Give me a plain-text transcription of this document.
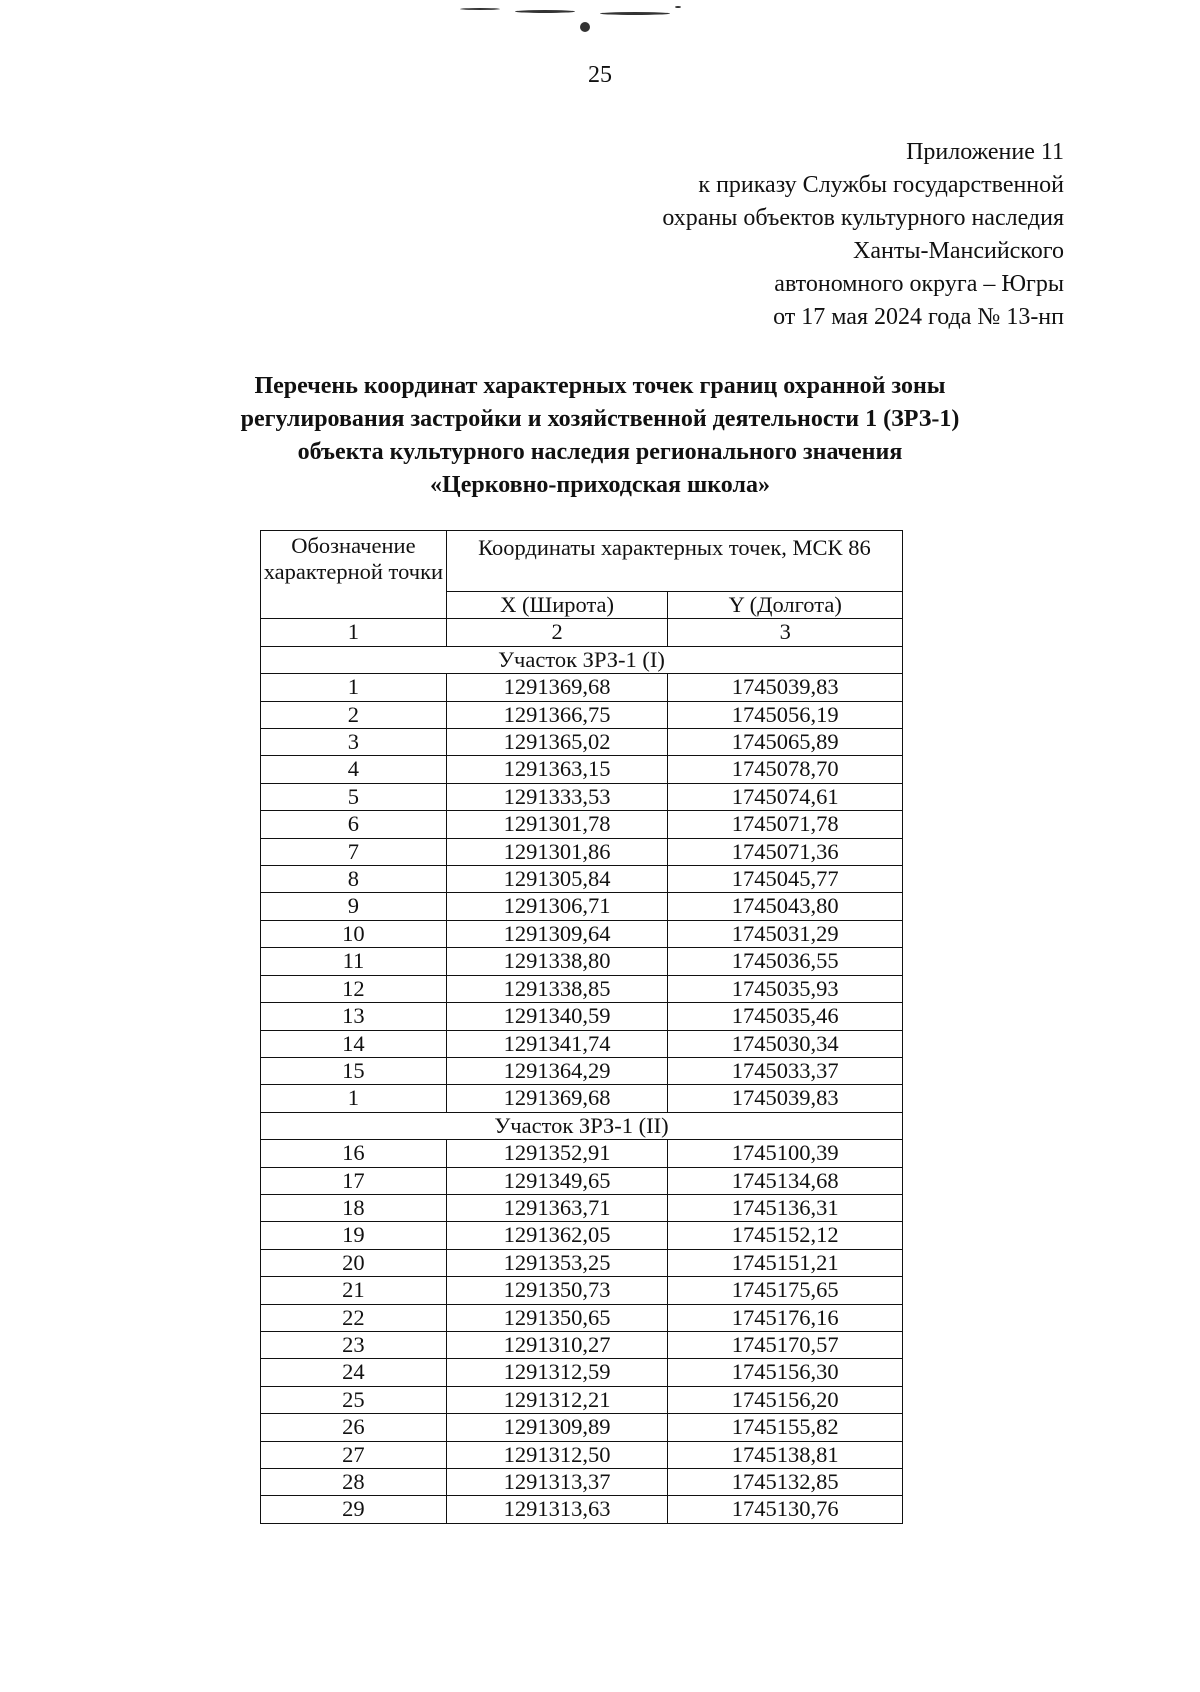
25
Приложение 11
к приказу Службы государственной
охраны объектов культурного наследия
Ханты-Мансийского
автономного округа – Югры
от 17 мая 2024 года № 13-нп
Перечень координат характерных точек границ охранной зоны
регулирования застройки и хозяйственной деятельности 1 (ЗРЗ-1)
объекта культурного наследия регионального значения
«Церковно-приходская школа»
Обозначение характерной точки	Координаты характерных точек, МСК 86	
	X (Широта)	Y (Долгота)
1	2	3
Участок ЗРЗ-1 (I)		
1	1291369,68	1745039,83
2	1291366,75	1745056,19
3	1291365,02	1745065,89
4	1291363,15	1745078,70
5	1291333,53	1745074,61
6	1291301,78	1745071,78
7	1291301,86	1745071,36
8	1291305,84	1745045,77
9	1291306,71	1745043,80
10	1291309,64	1745031,29
11	1291338,80	1745036,55
12	1291338,85	1745035,93
13	1291340,59	1745035,46
14	1291341,74	1745030,34
15	1291364,29	1745033,37
1	1291369,68	1745039,83
Участок ЗРЗ-1 (II)		
16	1291352,91	1745100,39
17	1291349,65	1745134,68
18	1291363,71	1745136,31
19	1291362,05	1745152,12
20	1291353,25	1745151,21
21	1291350,73	1745175,65
22	1291350,65	1745176,16
23	1291310,27	1745170,57
24	1291312,59	1745156,30
25	1291312,21	1745156,20
26	1291309,89	1745155,82
27	1291312,50	1745138,81
28	1291313,37	1745132,85
29	1291313,63	1745130,76
